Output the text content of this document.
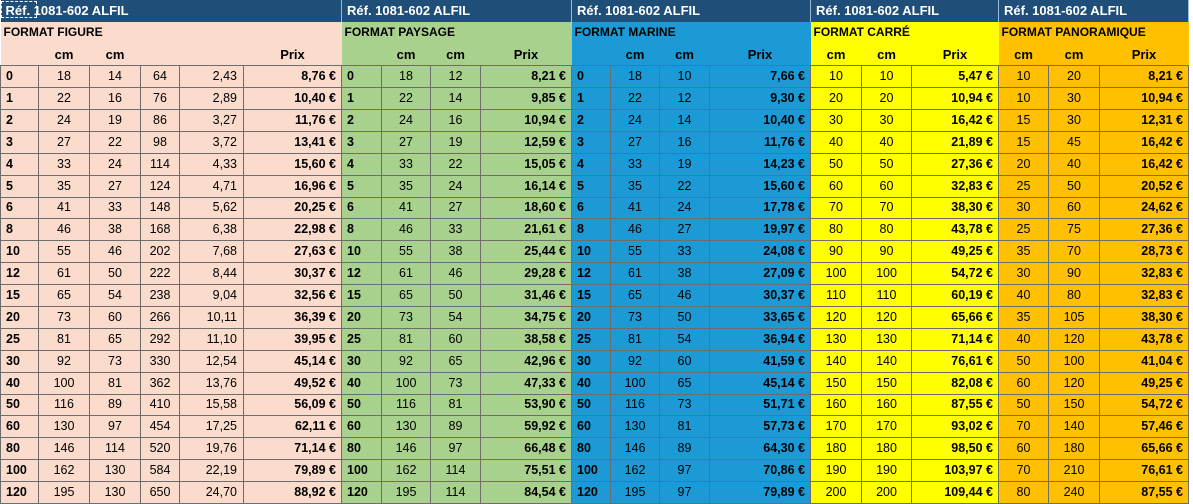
Réf. 1081-602 ALFIL						Réf. 1081-602 ALFIL				Réf. 1081-602 ALFIL				Réf. 1081-602 ALFIL			Réf. 1081-602 ALFIL		
FORMAT FIGURE						FORMAT PAYSAGE				FORMAT MARINE				FORMAT CARRÉ			FORMAT PANORAMIQUE		
	cm	cm			Prix		cm	cm	Prix		cm	cm	Prix	cm	cm	Prix	cm	cm	Prix
0	18	14	64	2,43	8,76 €	0	18	12	8,21 €	0	18	10	7,66 €	10	10	5,47 €	10	20	8,21 €
1	22	16	76	2,89	10,40 €	1	22	14	9,85 €	1	22	12	9,30 €	20	20	10,94 €	10	30	10,94 €
2	24	19	86	3,27	11,76 €	2	24	16	10,94 €	2	24	14	10,40 €	30	30	16,42 €	15	30	12,31 €
3	27	22	98	3,72	13,41 €	3	27	19	12,59 €	3	27	16	11,76 €	40	40	21,89 €	15	45	16,42 €
4	33	24	114	4,33	15,60 €	4	33	22	15,05 €	4	33	19	14,23 €	50	50	27,36 €	20	40	16,42 €
5	35	27	124	4,71	16,96 €	5	35	24	16,14 €	5	35	22	15,60 €	60	60	32,83 €	25	50	20,52 €
6	41	33	148	5,62	20,25 €	6	41	27	18,60 €	6	41	24	17,78 €	70	70	38,30 €	30	60	24,62 €
8	46	38	168	6,38	22,98 €	8	46	33	21,61 €	8	46	27	19,97 €	80	80	43,78 €	25	75	27,36 €
10	55	46	202	7,68	27,63 €	10	55	38	25,44 €	10	55	33	24,08 €	90	90	49,25 €	35	70	28,73 €
12	61	50	222	8,44	30,37 €	12	61	46	29,28 €	12	61	38	27,09 €	100	100	54,72 €	30	90	32,83 €
15	65	54	238	9,04	32,56 €	15	65	50	31,46 €	15	65	46	30,37 €	110	110	60,19 €	40	80	32,83 €
20	73	60	266	10,11	36,39 €	20	73	54	34,75 €	20	73	50	33,65 €	120	120	65,66 €	35	105	38,30 €
25	81	65	292	11,10	39,95 €	25	81	60	38,58 €	25	81	54	36,94 €	130	130	71,14 €	40	120	43,78 €
30	92	73	330	12,54	45,14 €	30	92	65	42,96 €	30	92	60	41,59 €	140	140	76,61 €	50	100	41,04 €
40	100	81	362	13,76	49,52 €	40	100	73	47,33 €	40	100	65	45,14 €	150	150	82,08 €	60	120	49,25 €
50	116	89	410	15,58	56,09 €	50	116	81	53,90 €	50	116	73	51,71 €	160	160	87,55 €	50	150	54,72 €
60	130	97	454	17,25	62,11 €	60	130	89	59,92 €	60	130	81	57,73 €	170	170	93,02 €	70	140	57,46 €
80	146	114	520	19,76	71,14 €	80	146	97	66,48 €	80	146	89	64,30 €	180	180	98,50 €	60	180	65,66 €
100	162	130	584	22,19	79,89 €	100	162	114	75,51 €	100	162	97	70,86 €	190	190	103,97 €	70	210	76,61 €
120	195	130	650	24,70	88,92 €	120	195	114	84,54 €	120	195	97	79,89 €	200	200	109,44 €	80	240	87,55 €
